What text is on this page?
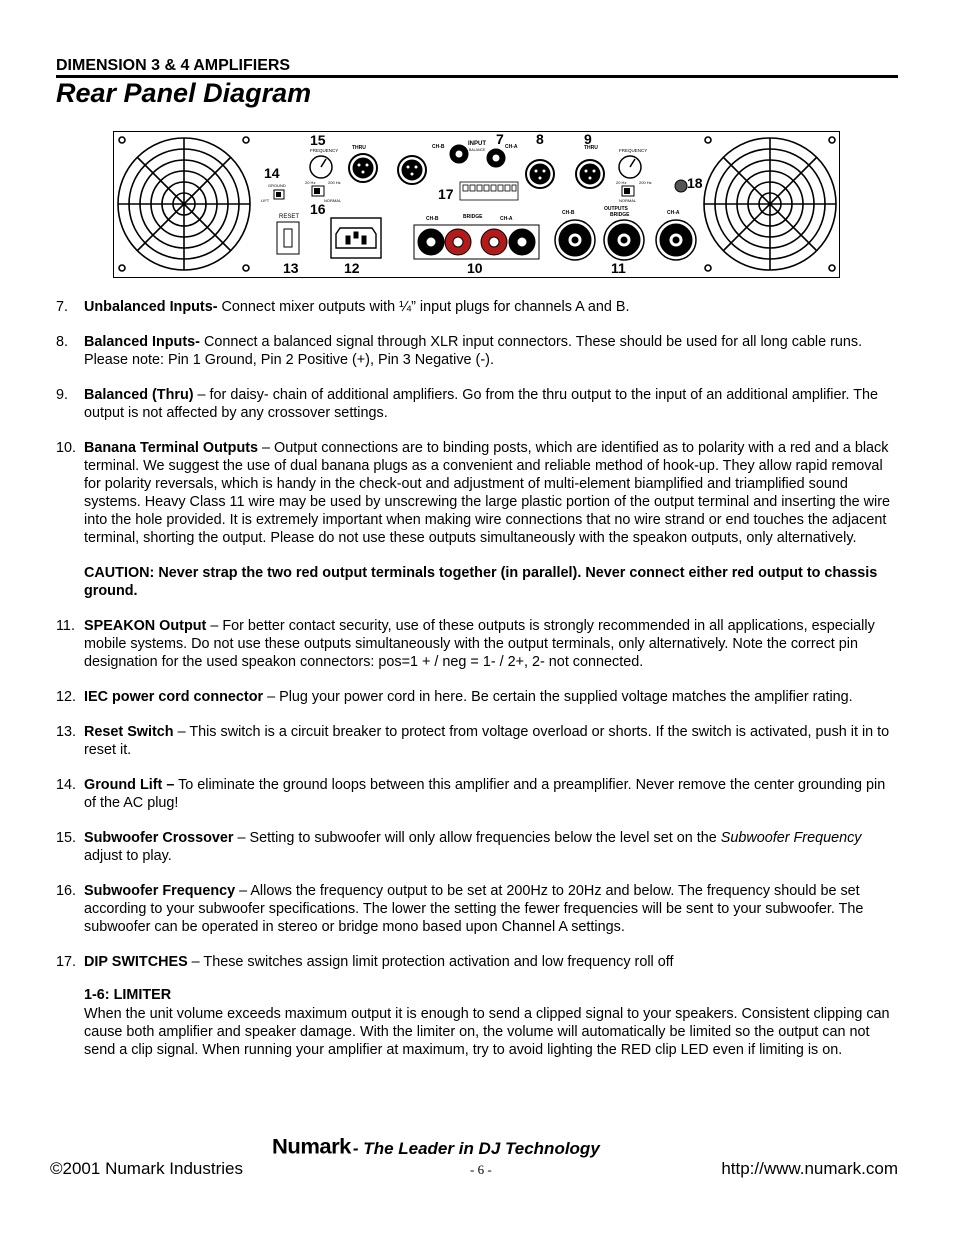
DIMENSION 3 & 4 AMPLIFIERS
Rear Panel Diagram
FREQUENCY
20 Hz	200 Hz
NORMAL
GROUND
LIFT
RESET
THRU	CH-B	INPUT
BALANCE	CH-A	THRU	FREQUENCY
20 Hz	200 Hz
NORMAL
CH-B	BRIDGE	CH-A
OUTPUTS
CH-B	BRIDGE	CH-A
15	7 8	9
14
17
18
16
13	12	10	11
7.	Unbalanced Inputs- Connect mixer outputs with ¼” input plugs for channels A and B.

8.	Balanced Inputs- Connect a balanced signal through XLR input connectors. These should be used for all long cable runs. Please note: Pin 1 Ground, Pin 2 Positive (+), Pin 3 Negative (-).

9.	Balanced (Thru) – for daisy- chain of additional amplifiers. Go from the thru output to the input of an additional amplifier. The output is not affected by any crossover settings.

10. Banana Terminal Outputs – Output connections are to binding posts, which are identified as to polarity with a red and a black terminal. We suggest the use of dual banana plugs as a convenient and reliable method of hook-up. They allow rapid removal for polarity reversals, which is handy in the check-out and adjustment of multi-element biamplified and triamplified sound systems. Heavy Class 11 wire may be used by unscrewing the large plastic portion of the output terminal and inserting the wire into the hole provided. It is extremely important when making wire connections that no wire strand or end touches the adjacent terminal, shorting the output. Please do not use these outputs simultaneously with the speakon outputs, only alternatively.

CAUTION: Never strap the two red output terminals together (in parallel). Never connect either red output to chassis ground.

11. SPEAKON Output – For better contact security, use of these outputs is strongly recommended in all applications, especially mobile systems. Do not use these outputs simultaneously with the output terminals, only alternatively. Note the correct pin designation for the used speakon connectors: pos=1 + / neg = 1- / 2+, 2- not connected.

12. IEC power cord connector – Plug your power cord in here. Be certain the supplied voltage matches the amplifier rating.

13. Reset Switch – This switch is a circuit breaker to protect from voltage overload or shorts. If the switch is activated, push it in to reset it.

14. Ground Lift – To eliminate the ground loops between this amplifier and a preamplifier. Never remove the center grounding pin of the AC plug!

15. Subwoofer Crossover – Setting to subwoofer will only allow frequencies below the level set on the Subwoofer Frequency adjust to play.

16. Subwoofer Frequency – Allows the frequency output to be set at 200Hz to 20Hz and below. The frequency should be set according to your subwoofer specifications. The lower the setting the fewer frequencies will be sent to your subwoofer. The subwoofer can be operated in stereo or bridge mono based upon Channel A settings.

17. DIP SWITCHES – These switches assign limit protection activation and low frequency roll off

1-6: LIMITER
When the unit volume exceeds maximum output it is enough to send a clipped signal to your speakers. Consistent clipping can cause both amplifier and speaker damage. With the limiter on, the volume will automatically be limited so the output can not send a clip signal. When running your amplifier at maximum, try to avoid lighting the RED clip LED even if limiting is on.
Numark - The Leader in DJ Technology
©2001 Numark Industries	- 6 -	http://www.numark.com
